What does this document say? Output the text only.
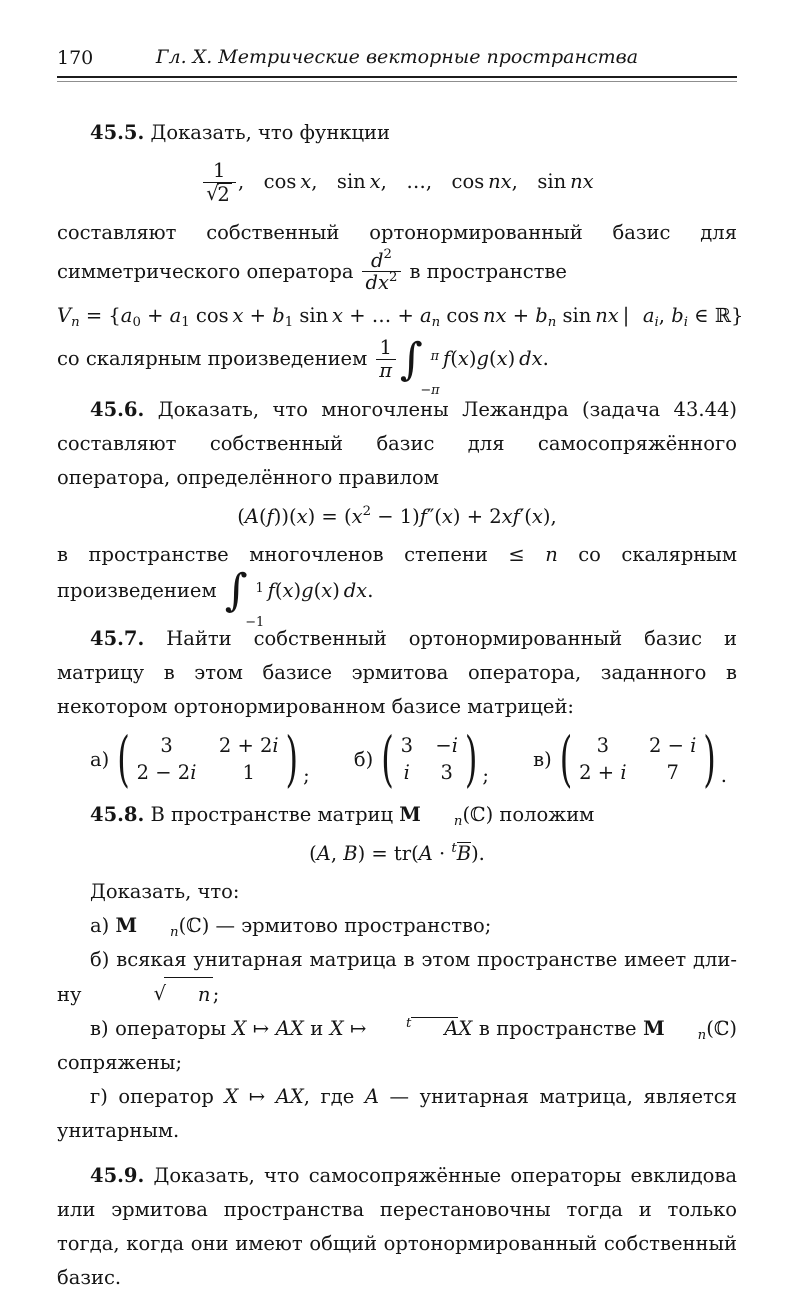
170	Гл. X. Метрические векторные пространства

45.5. Доказать, что функции

$\frac{1}{√2}$ ,  cos x,  sin x,  …,  cos nx,  sin nx

составляют собственный ортонормированный базис для симметрического оператора $\frac{d2}{dx2}$ в пространстве

Vn = {a0 + a1 cos x + b1 sin x + … + an cos nx + bn sin nx | ai, bi ∈ ℝ}

со скалярным произведением $\frac{1}{\pi}$ ∫ π
−π
f(x)g(x) dx.

45.6. Доказать, что многочлены Лежандра (задача 43.44) составляют собственный базис для самосопряжённого оператора, определённого правилом

(A(f))(x) = (x2 − 1)f″(x) + 2xf′(x),

в пространстве многочленов степени ≤ n со скалярным произведением ∫ 1
−1
f(x)g(x) dx.

45.7. Найти собственный ортонормированный базис и матрицу в этом базисе эрмитова оператора, заданного в некотором ортонормированном базисе матрицей:

а) ( 3 2 + 2i
2 − 2i 1 ) ;
б) ( 3 −i
i 3 ) ;
в) ( 3 2 − i
2 + i 7 ) .

45.8. В пространстве матриц M n(ℂ) положим

(A, B) = tr(A · tB).

Доказать, что:

а) M n(ℂ) — эрмитово пространство;

б) всякая унитарная матрица в этом пространстве имеет длину	√ n ;

в) операторы X ↦ AX и X ↦ t AX в пространстве M n(ℂ) сопряжены;

г) оператор X ↦ AX, где A — унитарная матрица, является унитарным.

45.9. Доказать, что самосопряжённые операторы евклидова или эрмитова пространства перестановочны тогда и только тогда, когда они имеют общий ортонормированный собственный базис.
